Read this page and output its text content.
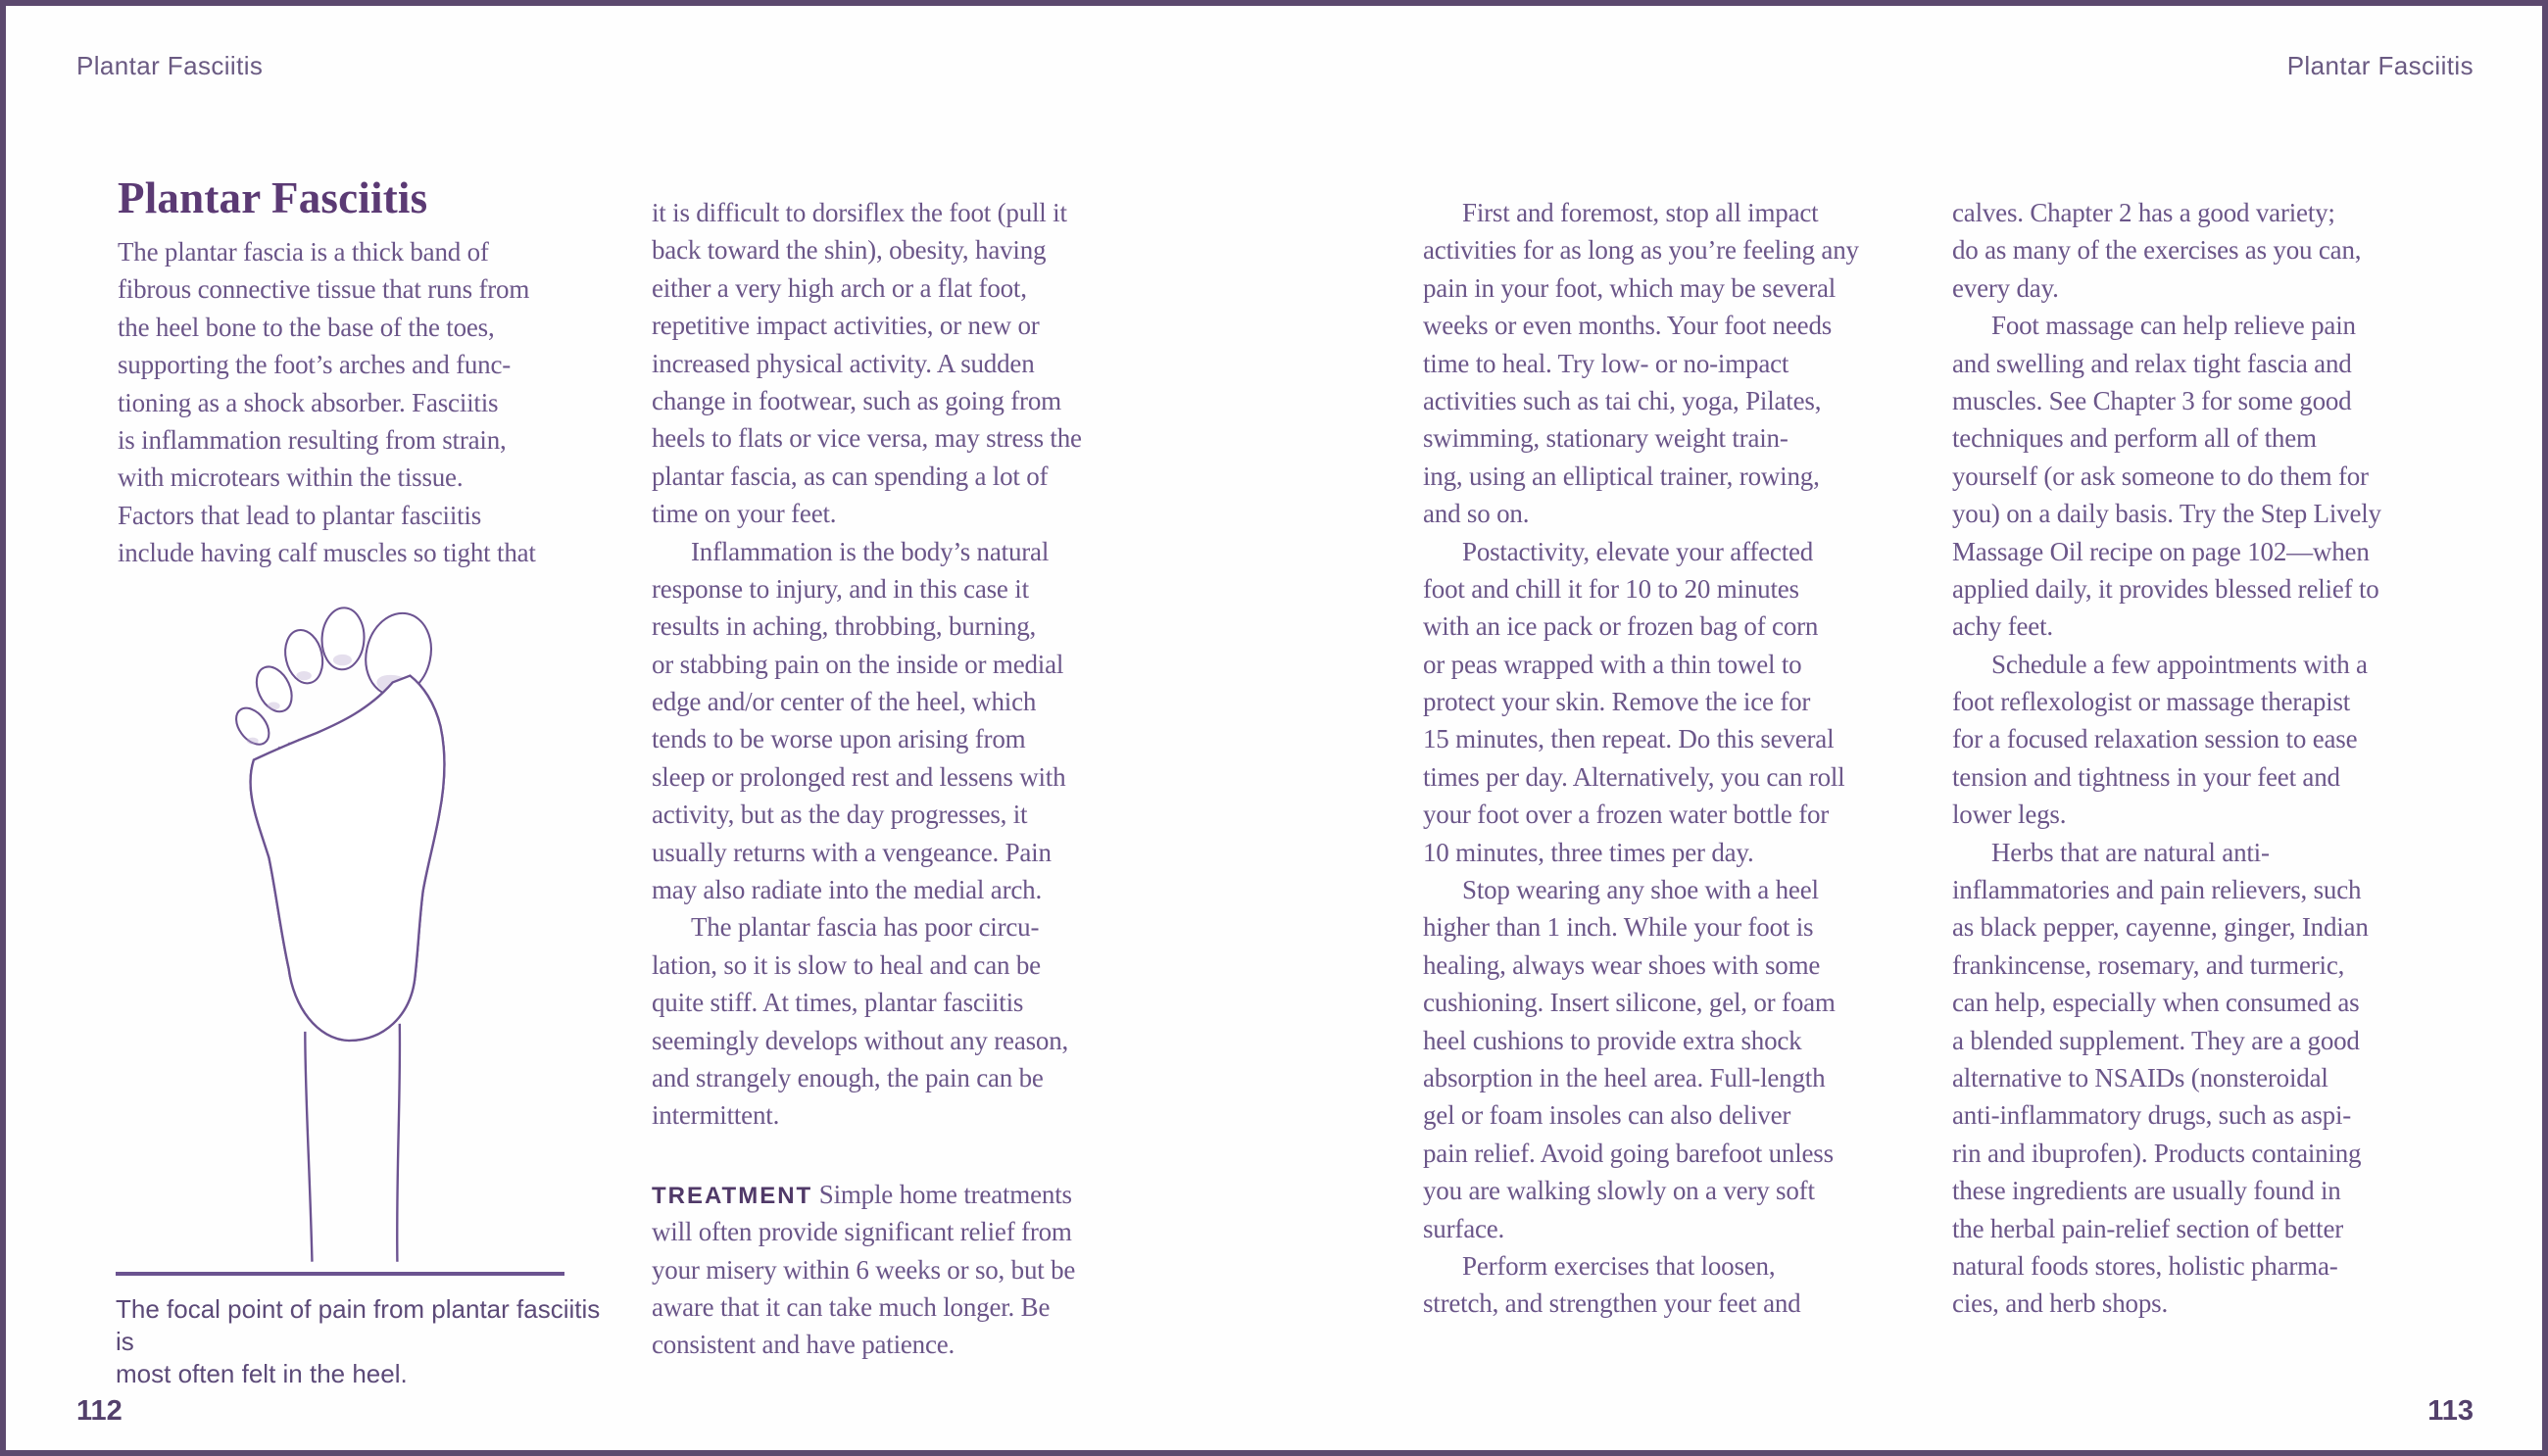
Plantar Fasciitis	Plantar Fasciitis
Plantar Fasciitis
The plantar fascia is a thick band of
fibrous connective tissue that runs from
the heel bone to the base of the toes,
supporting the foot’s arches and func-
tioning as a shock absorber. Fasciitis
is inflammation resulting from strain,
with microtears within the tissue.
Factors that lead to plantar fasciitis
include having calf muscles so tight that
it is difficult to dorsiflex the foot (pull it
back toward the shin), obesity, having
either a very high arch or a flat foot,
repetitive impact activities, or new or
increased physical activity. A sudden
change in footwear, such as going from
heels to flats or vice versa, may stress the
plantar fascia, as can spending a lot of
time on your feet.
Inflammation is the body’s natural
response to injury, and in this case it
results in aching, throbbing, burning,
or stabbing pain on the inside or medial
edge and/or center of the heel, which
tends to be worse upon arising from
sleep or prolonged rest and lessens with
activity, but as the day progresses, it
usually returns with a vengeance. Pain
may also radiate into the medial arch.
The plantar fascia has poor circu-
lation, so it is slow to heal and can be
quite stiff. At times, plantar fasciitis
seemingly develops without any reason,
and strangely enough, the pain can be
intermittent.
TREATMENT Simple home treatments
will often provide significant relief from
your misery within 6 weeks or so, but be
aware that it can take much longer. Be
consistent and have patience.
First and foremost, stop all impact
activities for as long as you’re feeling any
pain in your foot, which may be several
weeks or even months. Your foot needs
time to heal. Try low- or no-impact
activities such as tai chi, yoga, Pilates,
swimming, stationary weight train-
ing, using an elliptical trainer, rowing,
and so on.
Postactivity, elevate your affected
foot and chill it for 10 to 20 minutes
with an ice pack or frozen bag of corn
or peas wrapped with a thin towel to
protect your skin. Remove the ice for
15 minutes, then repeat. Do this several
times per day. Alternatively, you can roll
your foot over a frozen water bottle for
10 minutes, three times per day.
Stop wearing any shoe with a heel
higher than 1 inch. While your foot is
healing, always wear shoes with some
cushioning. Insert silicone, gel, or foam
heel cushions to provide extra shock
absorption in the heel area. Full-length
gel or foam insoles can also deliver
pain relief. Avoid going barefoot unless
you are walking slowly on a very soft
surface.
Perform exercises that loosen,
stretch, and strengthen your feet and
calves. Chapter 2 has a good variety;
do as many of the exercises as you can,
every day.
Foot massage can help relieve pain
and swelling and relax tight fascia and
muscles. See Chapter 3 for some good
techniques and perform all of them
yourself (or ask someone to do them for
you) on a daily basis. Try the Step Lively
Massage Oil recipe on page 102—when
applied daily, it provides blessed relief to
achy feet.
Schedule a few appointments with a
foot reflexologist or massage therapist
for a focused relaxation session to ease
tension and tightness in your feet and
lower legs.
Herbs that are natural anti-
inflammatories and pain relievers, such
as black pepper, cayenne, ginger, Indian
frankincense, rosemary, and turmeric,
can help, especially when consumed as
a blended supplement. They are a good
alternative to NSAIDs (nonsteroidal
anti-inflammatory drugs, such as aspi-
rin and ibuprofen). Products containing
these ingredients are usually found in
the herbal pain-relief section of better
natural foods stores, holistic pharma-
cies, and herb shops.
The focal point of pain from plantar fasciitis is
most often felt in the heel.
112	113
